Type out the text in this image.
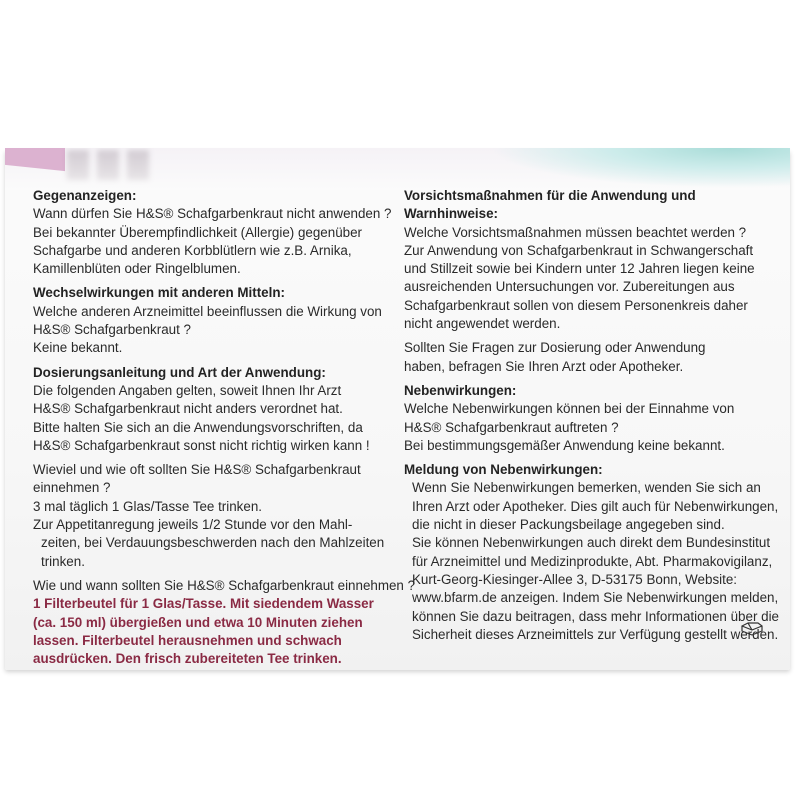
Gegenanzeigen:
Wann dürfen Sie H&S® Schafgarbenkraut nicht anwenden ?
Bei bekannter Überempfindlichkeit (Allergie) gegenüber
Schafgarbe und anderen Korbblütlern wie z.B. Arnika,
Kamillenblüten oder Ringelblumen.
Wechselwirkungen mit anderen Mitteln:
Welche anderen Arzneimittel beeinflussen die Wirkung von
H&S® Schafgarbenkraut ?
Keine bekannt.
Dosierungsanleitung und Art der Anwendung:
Die folgenden Angaben gelten, soweit Ihnen Ihr Arzt
H&S® Schafgarbenkraut nicht anders verordnet hat.
Bitte halten Sie sich an die Anwendungsvorschriften, da
H&S® Schafgarbenkraut sonst nicht richtig wirken kann !
Wieviel und wie oft sollten Sie H&S® Schafgarbenkraut
einnehmen ?
3 mal täglich 1 Glas/Tasse Tee trinken.
Zur Appetitanregung jeweils 1/2 Stunde vor den Mahl-
zeiten, bei Verdauungsbeschwerden nach den Mahlzeiten
trinken.
Wie und wann sollten Sie H&S® Schafgarbenkraut einnehmen ?
1 Filterbeutel für 1 Glas/Tasse. Mit siedendem Wasser
(ca. 150 ml) übergießen und etwa 10 Minuten ziehen
lassen. Filterbeutel herausnehmen und schwach
ausdrücken. Den frisch zubereiteten Tee trinken.
Vorsichtsmaßnahmen für die Anwendung und
Warnhinweise:
Welche Vorsichtsmaßnahmen müssen beachtet werden ?
Zur Anwendung von Schafgarbenkraut in Schwangerschaft
und Stillzeit sowie bei Kindern unter 12 Jahren liegen keine
ausreichenden Untersuchungen vor. Zubereitungen aus
Schafgarbenkraut sollen von diesem Personenkreis daher
nicht angewendet werden.
Sollten Sie Fragen zur Dosierung oder Anwendung
haben, befragen Sie Ihren Arzt oder Apotheker.
Nebenwirkungen:
Welche Nebenwirkungen können bei der Einnahme von
H&S® Schafgarbenkraut auftreten ?
Bei bestimmungsgemäßer Anwendung keine bekannt.
Meldung von Nebenwirkungen:
Wenn Sie Nebenwirkungen bemerken, wenden Sie sich an
Ihren Arzt oder Apotheker. Dies gilt auch für Nebenwirkungen,
die nicht in dieser Packungsbeilage angegeben sind.
Sie können Nebenwirkungen auch direkt dem Bundesinstitut
für Arzneimittel und Medizinprodukte, Abt. Pharmakovigilanz,
Kurt-Georg-Kiesinger-Allee 3, D-53175 Bonn, Website:
www.bfarm.de anzeigen. Indem Sie Nebenwirkungen melden,
können Sie dazu beitragen, dass mehr Informationen über die
Sicherheit dieses Arzneimittels zur Verfügung gestellt werden.
